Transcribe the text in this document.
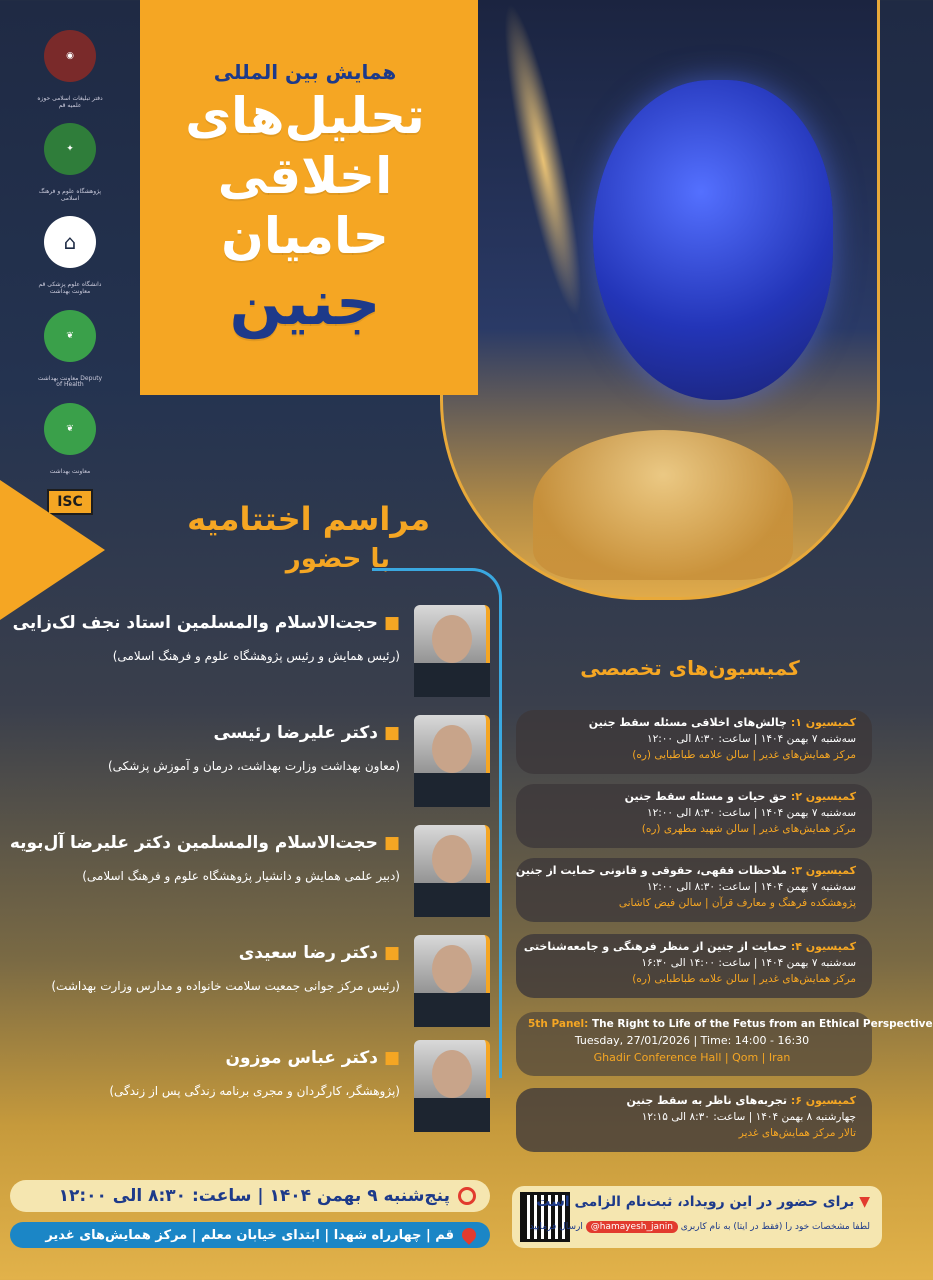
◉
دفتر تبلیغات اسلامی حوزه علمیه قم
✦
پژوهشگاه علوم و فرهنگ اسلامی
⌂
دانشگاه علوم پزشکی قم معاونت بهداشت
❦
معاونت بهداشت Deputy of Health
❦
معاونت بهداشت
ISC
همایش بین المللی
تحلیل‌های
اخلاقی
حامیان
جنین
مراسم اختتامیه
با حضور
■حجت‌الاسلام والمسلمین استاد نجف لک‌زایی
(رئیس همایش و رئیس پژوهشگاه علوم و فرهنگ اسلامی)
■دکتر علیرضا رئیسی
(معاون بهداشت وزارت بهداشت، درمان و آموزش پزشکی)
■حجت‌الاسلام والمسلمین دکتر علیرضا آل‌بویه
(دبیر علمی همایش و دانشیار پژوهشگاه علوم و فرهنگ اسلامی)
■دکتر رضا سعیدی
(رئیس مرکز جوانی جمعیت سلامت خانواده و مدارس وزارت بهداشت)
■دکتر عباس موزون
(پژوهشگر، کارگردان و مجری برنامه زندگی پس از زندگی)
کمیسیون‌های تخصصی
کمیسیون ۱: چالش‌های اخلاقی مسئله سقط جنین
سه‌شنبه ۷ بهمن ۱۴۰۴ | ساعت: ۸:۳۰ الی ۱۲:۰۰
مرکز همایش‌های غدیر | سالن علامه طباطبایی (ره)
کمیسیون ۲: حق حیات و مسئله سقط جنین
سه‌شنبه ۷ بهمن ۱۴۰۴ | ساعت: ۸:۳۰ الی ۱۲:۰۰
مرکز همایش‌های غدیر | سالن شهید مطهری (ره)
کمیسیون ۳: ملاحظات فقهی، حقوقی و قانونی حمایت از جنین
سه‌شنبه ۷ بهمن ۱۴۰۴ | ساعت: ۸:۳۰ الی ۱۲:۰۰
پژوهشکده فرهنگ و معارف قرآن | سالن فیض کاشانی
کمیسیون ۴: حمایت از جنین از منظر فرهنگی و جامعه‌شناختی
سه‌شنبه ۷ بهمن ۱۴۰۴ | ساعت: ۱۴:۰۰ الی ۱۶:۳۰
مرکز همایش‌های غدیر | سالن علامه طباطبایی (ره)
5th Panel: The Right to Life of the Fetus from an Ethical Perspective
Tuesday, 27/01/2026 | Time: 14:00 - 16:30
Ghadir Conference Hall | Qom | Iran
کمیسیون ۶: تجربه‌های ناظر به سقط جنین
چهارشنبه ۸ بهمن ۱۴۰۴ | ساعت: ۸:۳۰ الی ۱۲:۱۵
تالار مرکز همایش‌های غدیر
پنج‌شنبه ۹ بهمن ۱۴۰۴ | ساعت: ۸:۳۰ الی ۱۲:۰۰
قم | چهارراه شهدا | ابتدای خیابان معلم | مرکز همایش‌های غدیر
▼ برای حضور در این رویداد، ثبت‌نام الزامی است
لطفا مشخصات خود را (فقط در ایتا) به نام کاربری hamayesh_janin@ ارسال فرمایید
